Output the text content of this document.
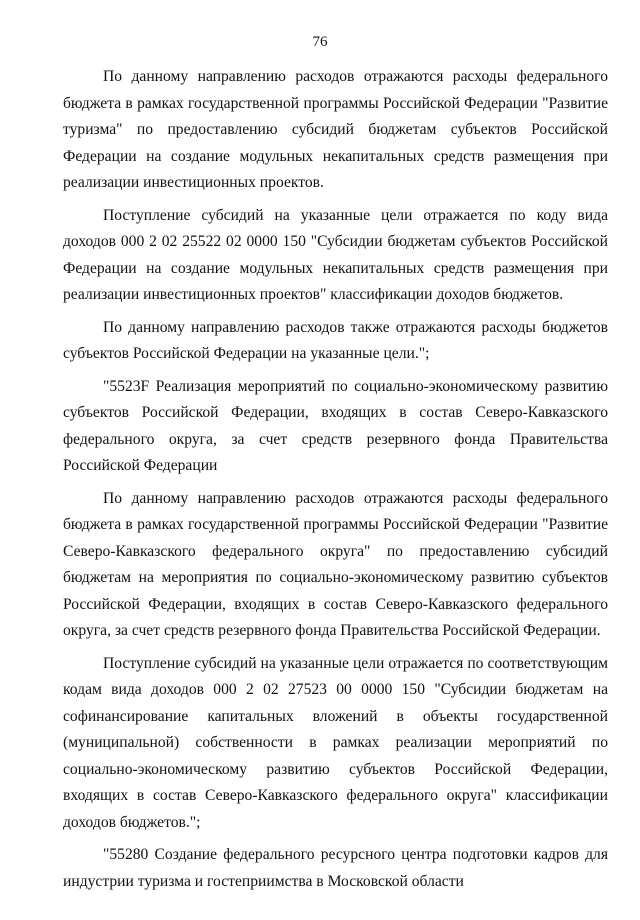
76

По данному направлению расходов отражаются расходы федерального бюджета в рамках государственной программы Российской Федерации "Развитие туризма" по предоставлению субсидий бюджетам субъектов Российской Федерации на создание модульных некапитальных средств размещения при реализации инвестиционных проектов.

Поступление субсидий на указанные цели отражается по коду вида доходов 000 2 02 25522 02 0000 150 "Субсидии бюджетам субъектов Российской Федерации на создание модульных некапитальных средств размещения при реализации инвестиционных проектов" классификации доходов бюджетов.

По данному направлению расходов также отражаются расходы бюджетов субъектов Российской Федерации на указанные цели.";

"5523F Реализация мероприятий по социально-экономическому развитию субъектов Российской Федерации, входящих в состав Северо-Кавказского федерального округа, за счет средств резервного фонда Правительства Российской Федерации

По данному направлению расходов отражаются расходы федерального бюджета в рамках государственной программы Российской Федерации "Развитие Северо-Кавказского федерального округа" по предоставлению субсидий бюджетам на мероприятия по социально-экономическому развитию субъектов Российской Федерации, входящих в состав Северо-Кавказского федерального округа, за счет средств резервного фонда Правительства Российской Федерации.

Поступление субсидий на указанные цели отражается по соответствующим кодам вида доходов 000 2 02 27523 00 0000 150 "Субсидии бюджетам на софинансирование капитальных вложений в объекты государственной (муниципальной) собственности в рамках реализации мероприятий по социально-экономическому развитию субъектов Российской Федерации, входящих в состав Северо-Кавказского федерального округа" классификации доходов бюджетов.";

"55280 Создание федерального ресурсного центра подготовки кадров для индустрии туризма и гостеприимства в Московской области
